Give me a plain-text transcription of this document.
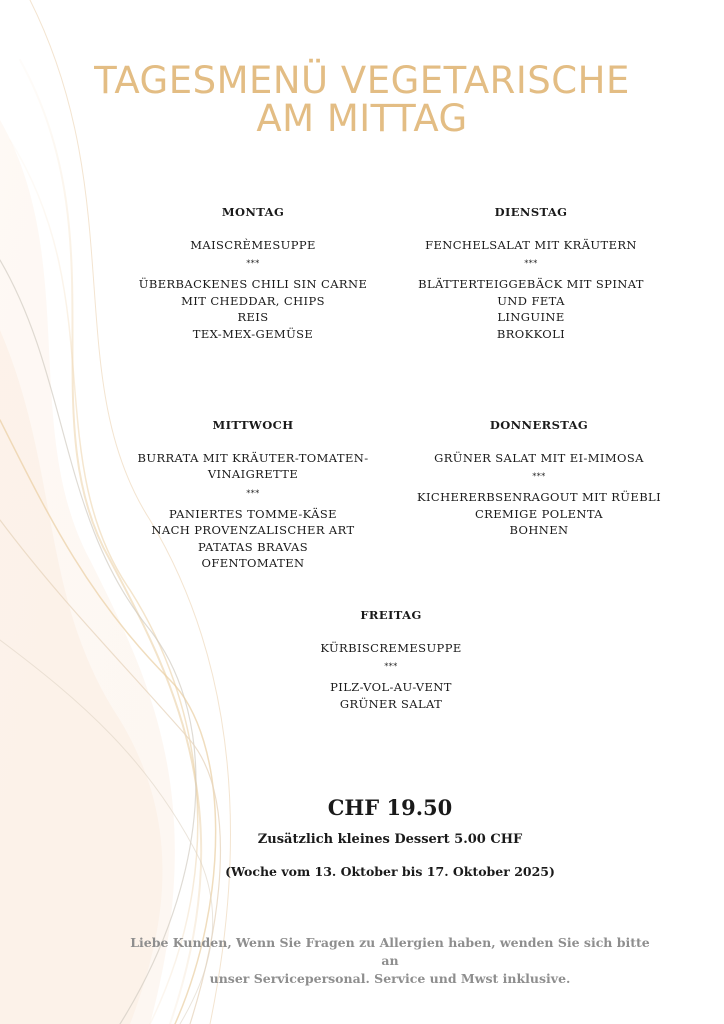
TAGESMENÜ VEGETARISCHE
AM MITTAG
MONTAG
MAISCRÈMESUPPE
***
ÜBERBACKENES CHILI SIN CARNE
MIT CHEDDAR, CHIPS
REIS
TEX-MEX-GEMÜSE
DIENSTAG
FENCHELSALAT MIT KRÄUTERN
***
BLÄTTERTEIGGEBÄCK MIT SPINAT
UND FETA
LINGUINE
BROKKOLI
MITTWOCH
BURRATA MIT KRÄUTER-TOMATEN-
VINAIGRETTE
***
PANIERTES TOMME-KÄSE
NACH PROVENZALISCHER ART
PATATAS BRAVAS
OFENTOMATEN
DONNERSTAG
GRÜNER SALAT MIT EI-MIMOSA
***
KICHERERBSENRAGOUT MIT RÜEBLI
CREMIGE POLENTA
BOHNEN
FREITAG
KÜRBISCREMESUPPE
***
PILZ-VOL-AU-VENT
GRÜNER SALAT
CHF 19.50
Zusätzlich kleines Dessert 5.00 CHF
(Woche vom 13. Oktober bis 17. Oktober 2025)
Liebe Kunden, Wenn Sie Fragen zu Allergien haben, wenden Sie sich bitte an
unser Servicepersonal. Service und Mwst inklusive.
